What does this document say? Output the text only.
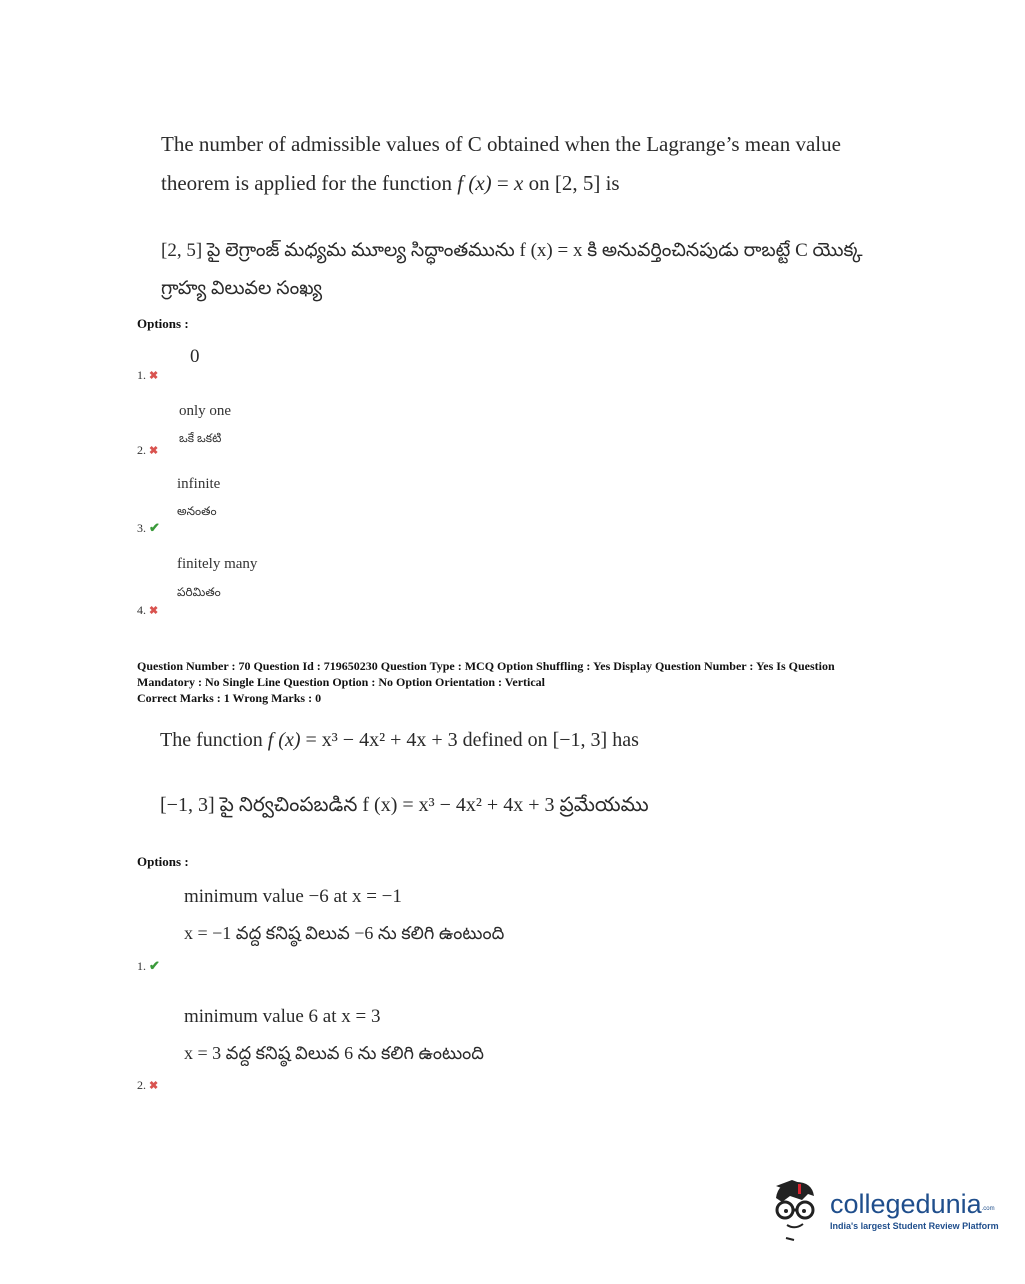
The number of admissible values of C obtained when the Lagrange’s mean value
theorem is applied for the function f (x) = x on [2, 5] is
[2, 5] పై లెగ్రాంజ్ మధ్యమ మూల్య సిద్ధాంతమును f (x) = x కి అనువర్తించినపుడు రాబట్టే C యొక్క
గ్రాహ్య విలువల సంఖ్య
Options :
0
1. ✖
only one
ఒకే ఒకటి
2. ✖
infinite
అనంతం
3. ✔
finitely many
పరిమితం
4. ✖
Question Number : 70 Question Id : 719650230 Question Type : MCQ Option Shuffling : Yes Display Question Number : Yes Is Question
Mandatory : No Single Line Question Option : No Option Orientation : Vertical
Correct Marks : 1 Wrong Marks : 0
The function f (x) = x³ − 4x² + 4x + 3 defined on [−1, 3] has
[−1, 3] పై నిర్వచింపబడిన f (x) = x³ − 4x² + 4x + 3 ప్రమేయము
Options :
minimum value −6 at x = −1
x = −1 వద్ద కనిష్ఠ విలువ −6 ను కలిగి ఉంటుంది
1. ✔
minimum value 6 at x = 3
x = 3 వద్ద కనిష్ఠ విలువ 6 ను కలిగి ఉంటుంది
2. ✖
collegedunia .com
India's largest Student Review Platform
